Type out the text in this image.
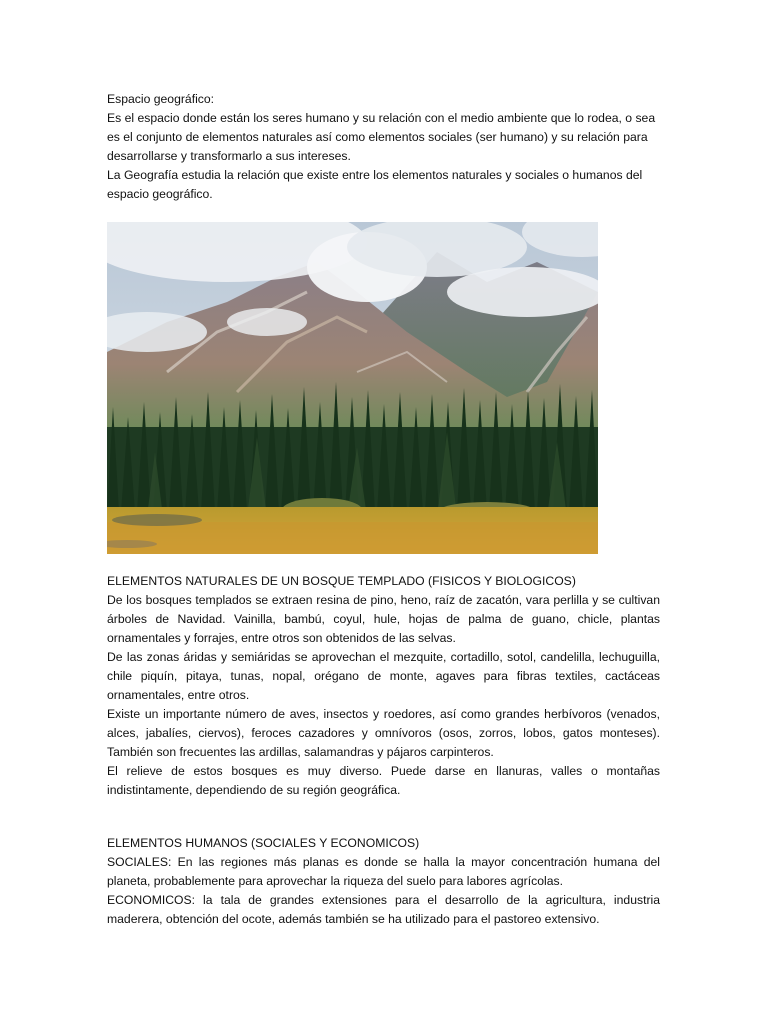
Espacio geográfico:

Es el espacio donde están los seres humano y su relación con el medio ambiente que lo rodea, o sea es el conjunto de elementos naturales así como elementos sociales (ser humano) y su relación para desarrollarse y transformarlo a sus intereses.

La Geografía estudia la relación que existe entre los elementos naturales y sociales o humanos del espacio geográfico.

ELEMENTOS NATURALES DE UN BOSQUE TEMPLADO (FISICOS Y BIOLOGICOS)

De los bosques templados se extraen resina de pino, heno, raíz de zacatón, vara perlilla y se cultivan árboles de Navidad. Vainilla, bambú, coyul, hule, hojas de palma de guano, chicle, plantas ornamentales y forrajes, entre otros son obtenidos de las selvas.

De las zonas áridas y semiáridas se aprovechan el mezquite, cortadillo, sotol, candelilla, lechuguilla, chile piquín, pitaya, tunas, nopal, orégano de monte, agaves para fibras textiles, cactáceas ornamentales, entre otros.

Existe un importante número de aves, insectos y roedores, así como grandes herbívoros (venados, alces, jabalíes, ciervos), feroces cazadores y omnívoros (osos, zorros, lobos, gatos monteses). También son frecuentes las ardillas, salamandras y pájaros carpinteros.

El relieve de estos bosques es muy diverso. Puede darse en llanuras, valles o montañas indistintamente, dependiendo de su región geográfica.

ELEMENTOS HUMANOS (SOCIALES Y ECONOMICOS)

SOCIALES: En las regiones más planas es donde se halla la mayor concentración humana del planeta, probablemente para aprovechar la riqueza del suelo para labores agrícolas.

ECONOMICOS: la tala de grandes extensiones para el desarrollo de la agricultura, industria maderera, obtención del ocote, además también se ha utilizado para el pastoreo extensivo.
